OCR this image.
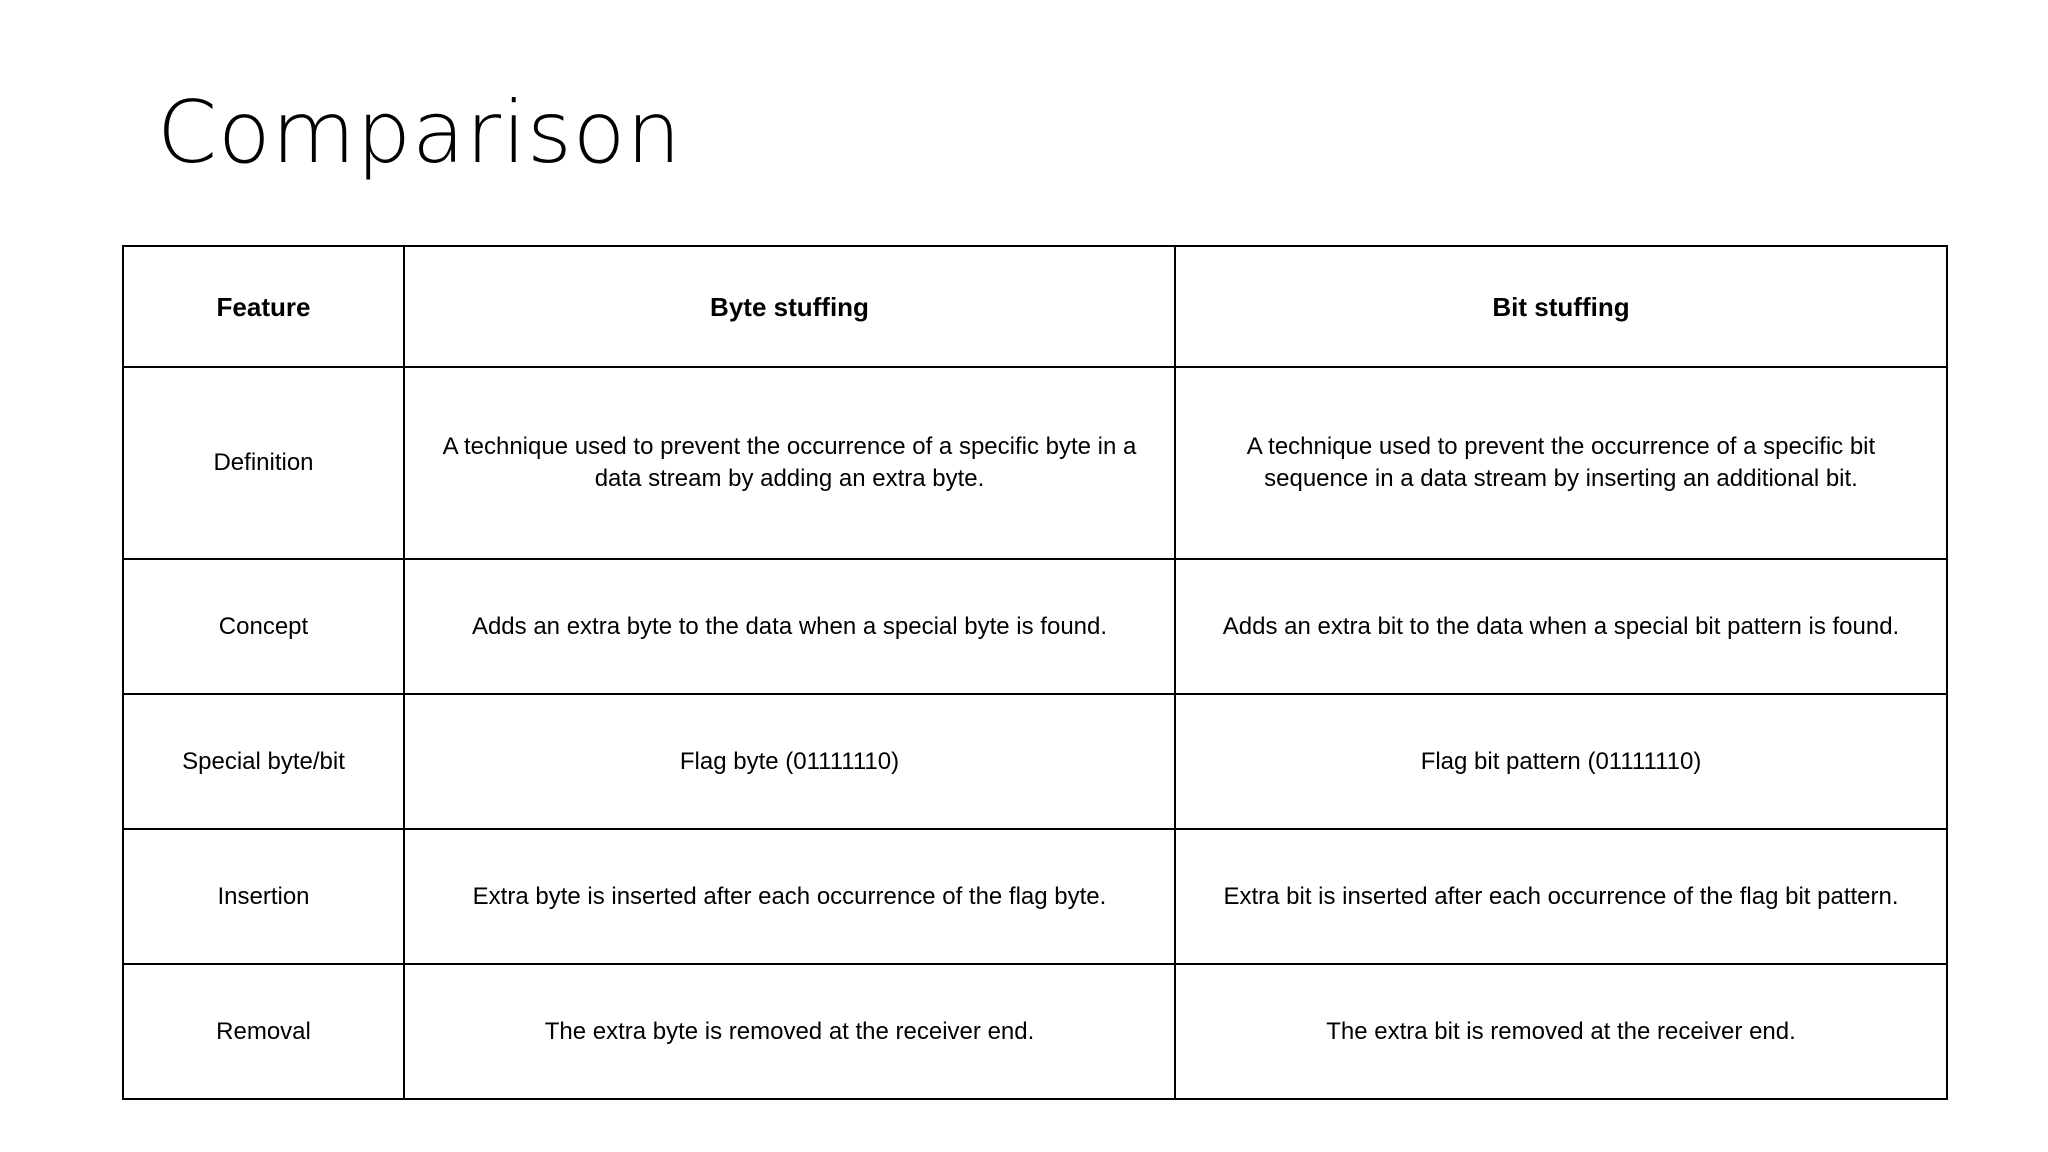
Comparison
Feature	Byte stuffing	Bit stuffing
Definition	A technique used to prevent the occurrence of a specific byte in a data stream by adding an extra byte.	A technique used to prevent the occurrence of a specific bit sequence in a data stream by inserting an additional bit.
Concept	Adds an extra byte to the data when a special byte is found.	Adds an extra bit to the data when a special bit pattern is found.
Special byte/bit	Flag byte (01111110)	Flag bit pattern (01111110)
Insertion	Extra byte is inserted after each occurrence of the flag byte.	Extra bit is inserted after each occurrence of the flag bit pattern.
Removal	The extra byte is removed at the receiver end.	The extra bit is removed at the receiver end.
